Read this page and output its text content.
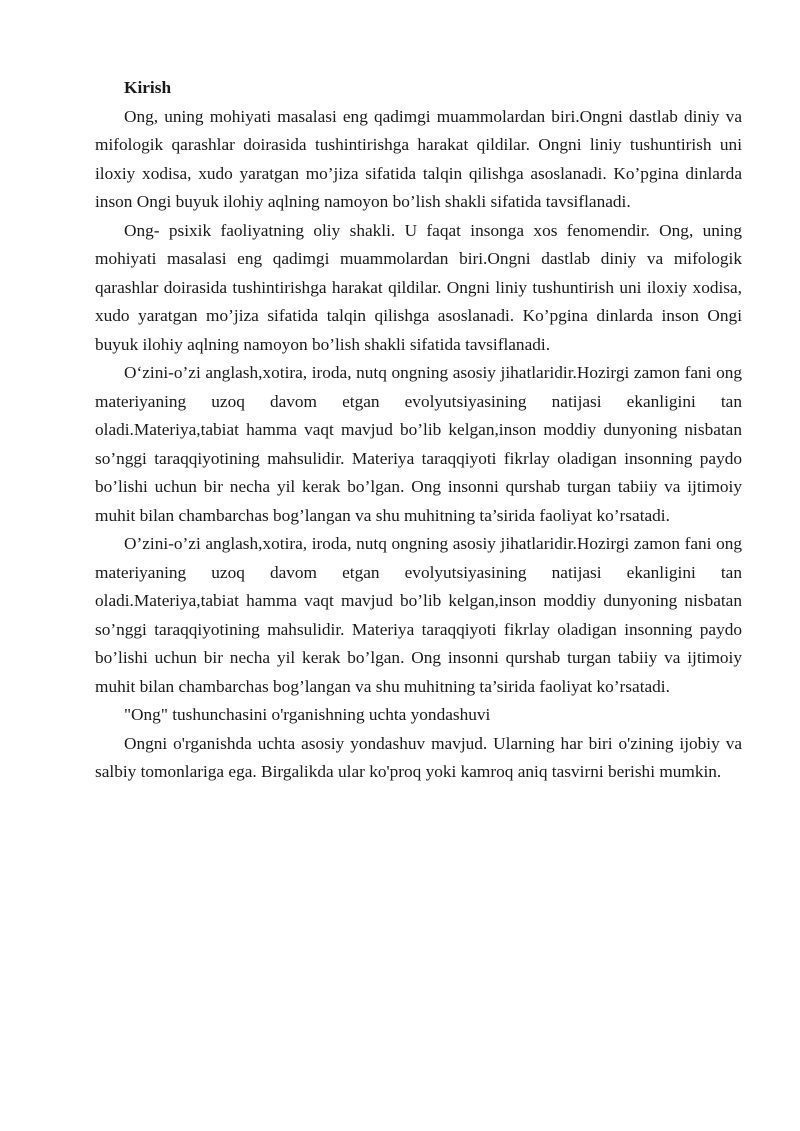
Kirish

Ong, uning mohiyati masalasi eng qadimgi muammolardan biri.Ongni dastlab diniy va mifologik qarashlar doirasida tushintirishga harakat qildilar. Ongni liniy tushuntirish uni iloxiy xodisa, xudo yaratgan mo’jiza sifatida talqin qilishga asoslanadi. Ko’pgina dinlarda inson Ongi buyuk ilohiy aqlning namoyon bo’lish shakli sifatida tavsiflanadi.

Ong- psixik faoliyatning oliy shakli. U faqat insonga xos fenomendir. Ong, uning mohiyati masalasi eng qadimgi muammolardan biri.Ongni dastlab diniy va mifologik qarashlar doirasida tushintirishga harakat qildilar. Ongni liniy tushuntirish uni iloxiy xodisa, xudo yaratgan mo’jiza sifatida talqin qilishga asoslanadi. Ko’pgina dinlarda inson Ongi buyuk ilohiy aqlning namoyon bo’lish shakli sifatida tavsiflanadi.

O‘zini-o’zi anglash,xotira, iroda, nutq ongning asosiy jihatlaridir.Hozirgi zamon fani ong materiyaning uzoq davom etgan evolyutsiyasining natijasi ekanligini tan oladi.Materiya,tabiat hamma vaqt mavjud bo’lib kelgan,inson moddiy dunyoning nisbatan so’nggi taraqqiyotining mahsulidir. Materiya taraqqiyoti fikrlay oladigan insonning paydo bo’lishi uchun bir necha yil kerak bo’lgan. Ong insonni qurshab turgan tabiiy va ijtimoiy muhit bilan chambarchas bog’langan va shu muhitning ta’sirida faoliyat ko’rsatadi.

O’zini-o’zi anglash,xotira, iroda, nutq ongning asosiy jihatlaridir.Hozirgi zamon fani ong materiyaning uzoq davom etgan evolyutsiyasining natijasi ekanligini tan oladi.Materiya,tabiat hamma vaqt mavjud bo’lib kelgan,inson moddiy dunyoning nisbatan so’nggi taraqqiyotining mahsulidir. Materiya taraqqiyoti fikrlay oladigan insonning paydo bo’lishi uchun bir necha yil kerak bo’lgan. Ong insonni qurshab turgan tabiiy va ijtimoiy muhit bilan chambarchas bog’langan va shu muhitning ta’sirida faoliyat ko’rsatadi.

"Ong" tushunchasini o'rganishning uchta yondashuvi

Ongni o'rganishda uchta asosiy yondashuv mavjud. Ularning har biri o'zining ijobiy va salbiy tomonlariga ega. Birgalikda ular ko'proq yoki kamroq aniq tasvirni berishi mumkin.
